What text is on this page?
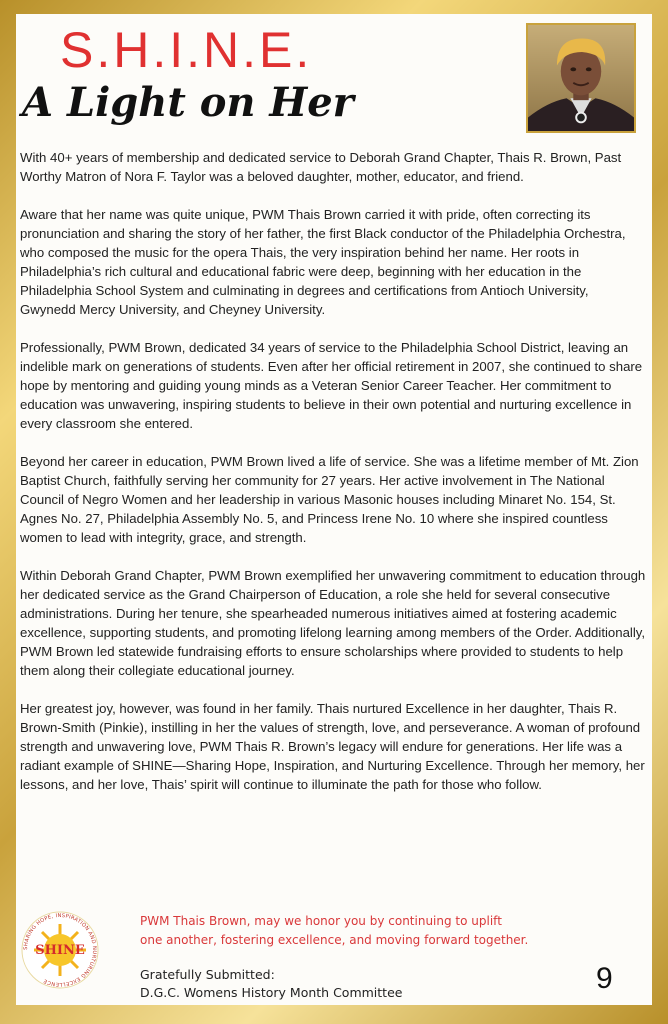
S.H.I.N.E.
A Light on Her

With 40+ years of membership and dedicated service to Deborah Grand Chapter, Thais R. Brown, Past Worthy Matron of Nora F. Taylor was a beloved daughter, mother, educator, and friend.

Aware that her name was quite unique, PWM Thais Brown carried it with pride, often correcting its pronunciation and sharing the story of her father, the first Black conductor of the Philadelphia Orchestra, who composed the music for the opera Thais, the very inspiration behind her name. Her roots in Philadelphia’s rich cultural and educational fabric were deep, beginning with her education in the Philadelphia School System and culminating in degrees and certifications from Antioch University, Gwynedd Mercy University, and Cheyney University.

Professionally, PWM Brown, dedicated 34 years of service to the Philadelphia School District, leaving an indelible mark on generations of students. Even after her official retirement in 2007, she continued to share hope by mentoring and guiding young minds as a Veteran Senior Career Teacher. Her commitment to education was unwavering, inspiring students to believe in their own potential and nurturing excellence in every classroom she entered.

Beyond her career in education, PWM Brown lived a life of service. She was a lifetime member of Mt. Zion Baptist Church, faithfully serving her community for 27 years. Her active involvement in The National Council of Negro Women and her leadership in various Masonic houses including Minaret No. 154, St. Agnes No. 27, Philadelphia Assembly No. 5, and Princess Irene No. 10 where she inspired countless women to lead with integrity, grace, and strength.

Within Deborah Grand Chapter, PWM Brown exemplified her unwavering commitment to education through her dedicated service as the Grand Chairperson of Education, a role she held for several consecutive administrations. During her tenure, she spearheaded numerous initiatives aimed at fostering academic excellence, supporting students, and promoting lifelong learning among members of the Order. Additionally, PWM Brown led statewide fundraising efforts to ensure scholarships where provided to students to help them along their collegiate educational journey.

Her greatest joy, however, was found in her family. Thais nurtured Excellence in her daughter, Thais R. Brown-Smith (Pinkie), instilling in her the values of strength, love, and perseverance. A woman of profound strength and unwavering love, PWM Thais R. Brown’s legacy will endure for generations. Her life was a radiant example of SHINE—Sharing Hope, Inspiration, and Nurturing Excellence. Through her memory, her lessons, and her love, Thais’ spirit will continue to illuminate the path for those who follow.

SHARING HOPE, INSPIRATION AND NURTURING EXCELLENCE
SHINE

PWM Thais Brown, may we honor you by continuing to uplift
one another, fostering excellence, and moving forward together.

Gratefully Submitted:
D.G.C. Womens History Month Committee	9
